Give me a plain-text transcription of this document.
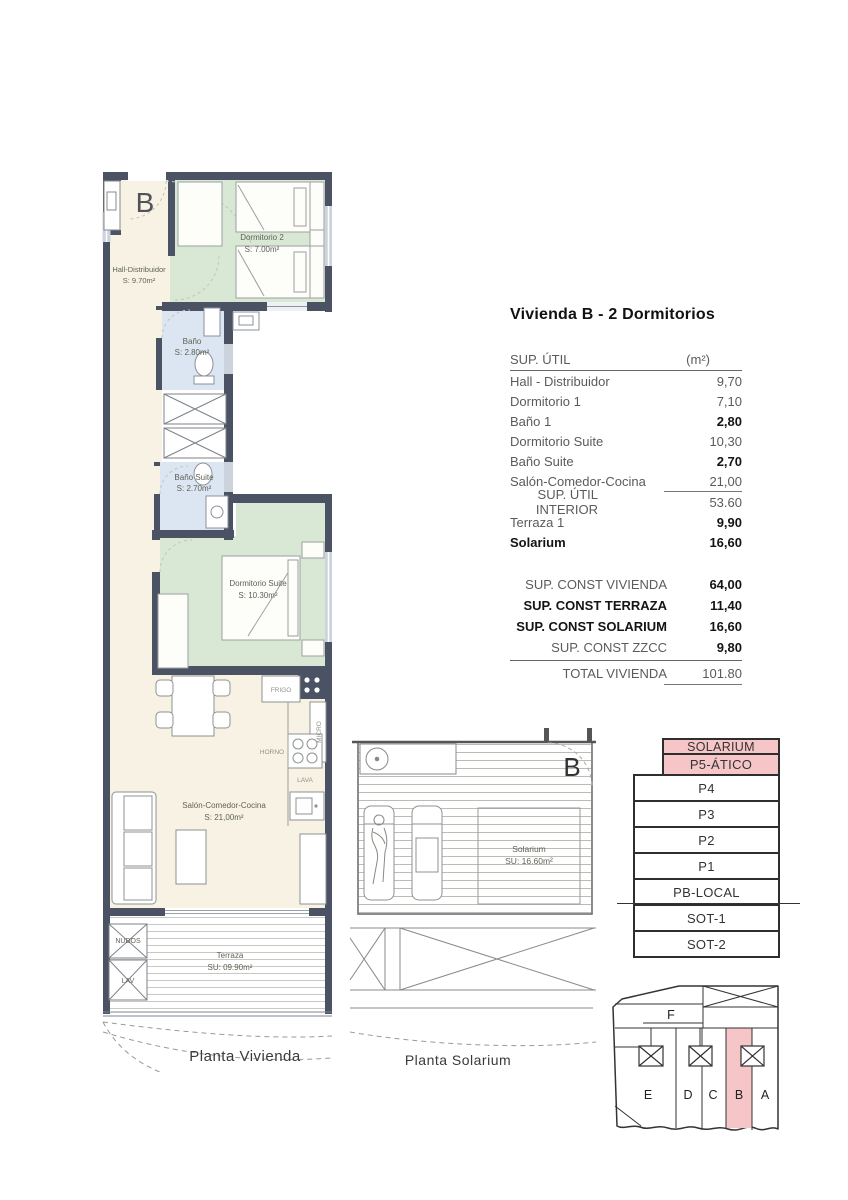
FRIGO
MICRO
HORNO
LAVA
NUDOS
LAV
B
Hall-Distribuidor
S: 9.70m²
Dormitorio 2
S: 7.00m²
Baño
S: 2.80m²
Baño Suite
S: 2.70m²
Dormitorio Suite
S: 10.30m²
Salón-Comedor-Cocina
S: 21,00m²
Terraza
SU: 09.90m²
Planta Vivienda
Solarium
SU: 16.60m²
B
Planta Solarium
Vivienda B - 2 Dormitorios
SUP. ÚTIL	(m²)
Hall - Distribuidor	9,70
Dormitorio 1	7,10
Baño 1	2,80
Dormitorio Suite	10,30
Baño Suite	2,70
Salón-Comedor-Cocina	21,00
SUP. ÚTIL INTERIOR	53.60
Terraza 1	9,90
Solarium	16,60
SUP. CONST VIVIENDA	64,00
SUP. CONST TERRAZA	11,40
SUP. CONST SOLARIUM	16,60
SUP. CONST ZZCC	9,80
TOTAL VIVIENDA	101.80
SOLARIUM
P5-ÁTICO
P4
P3
P2
P1
PB-LOCAL
SOT-1
SOT-2
F
E	D C B A
